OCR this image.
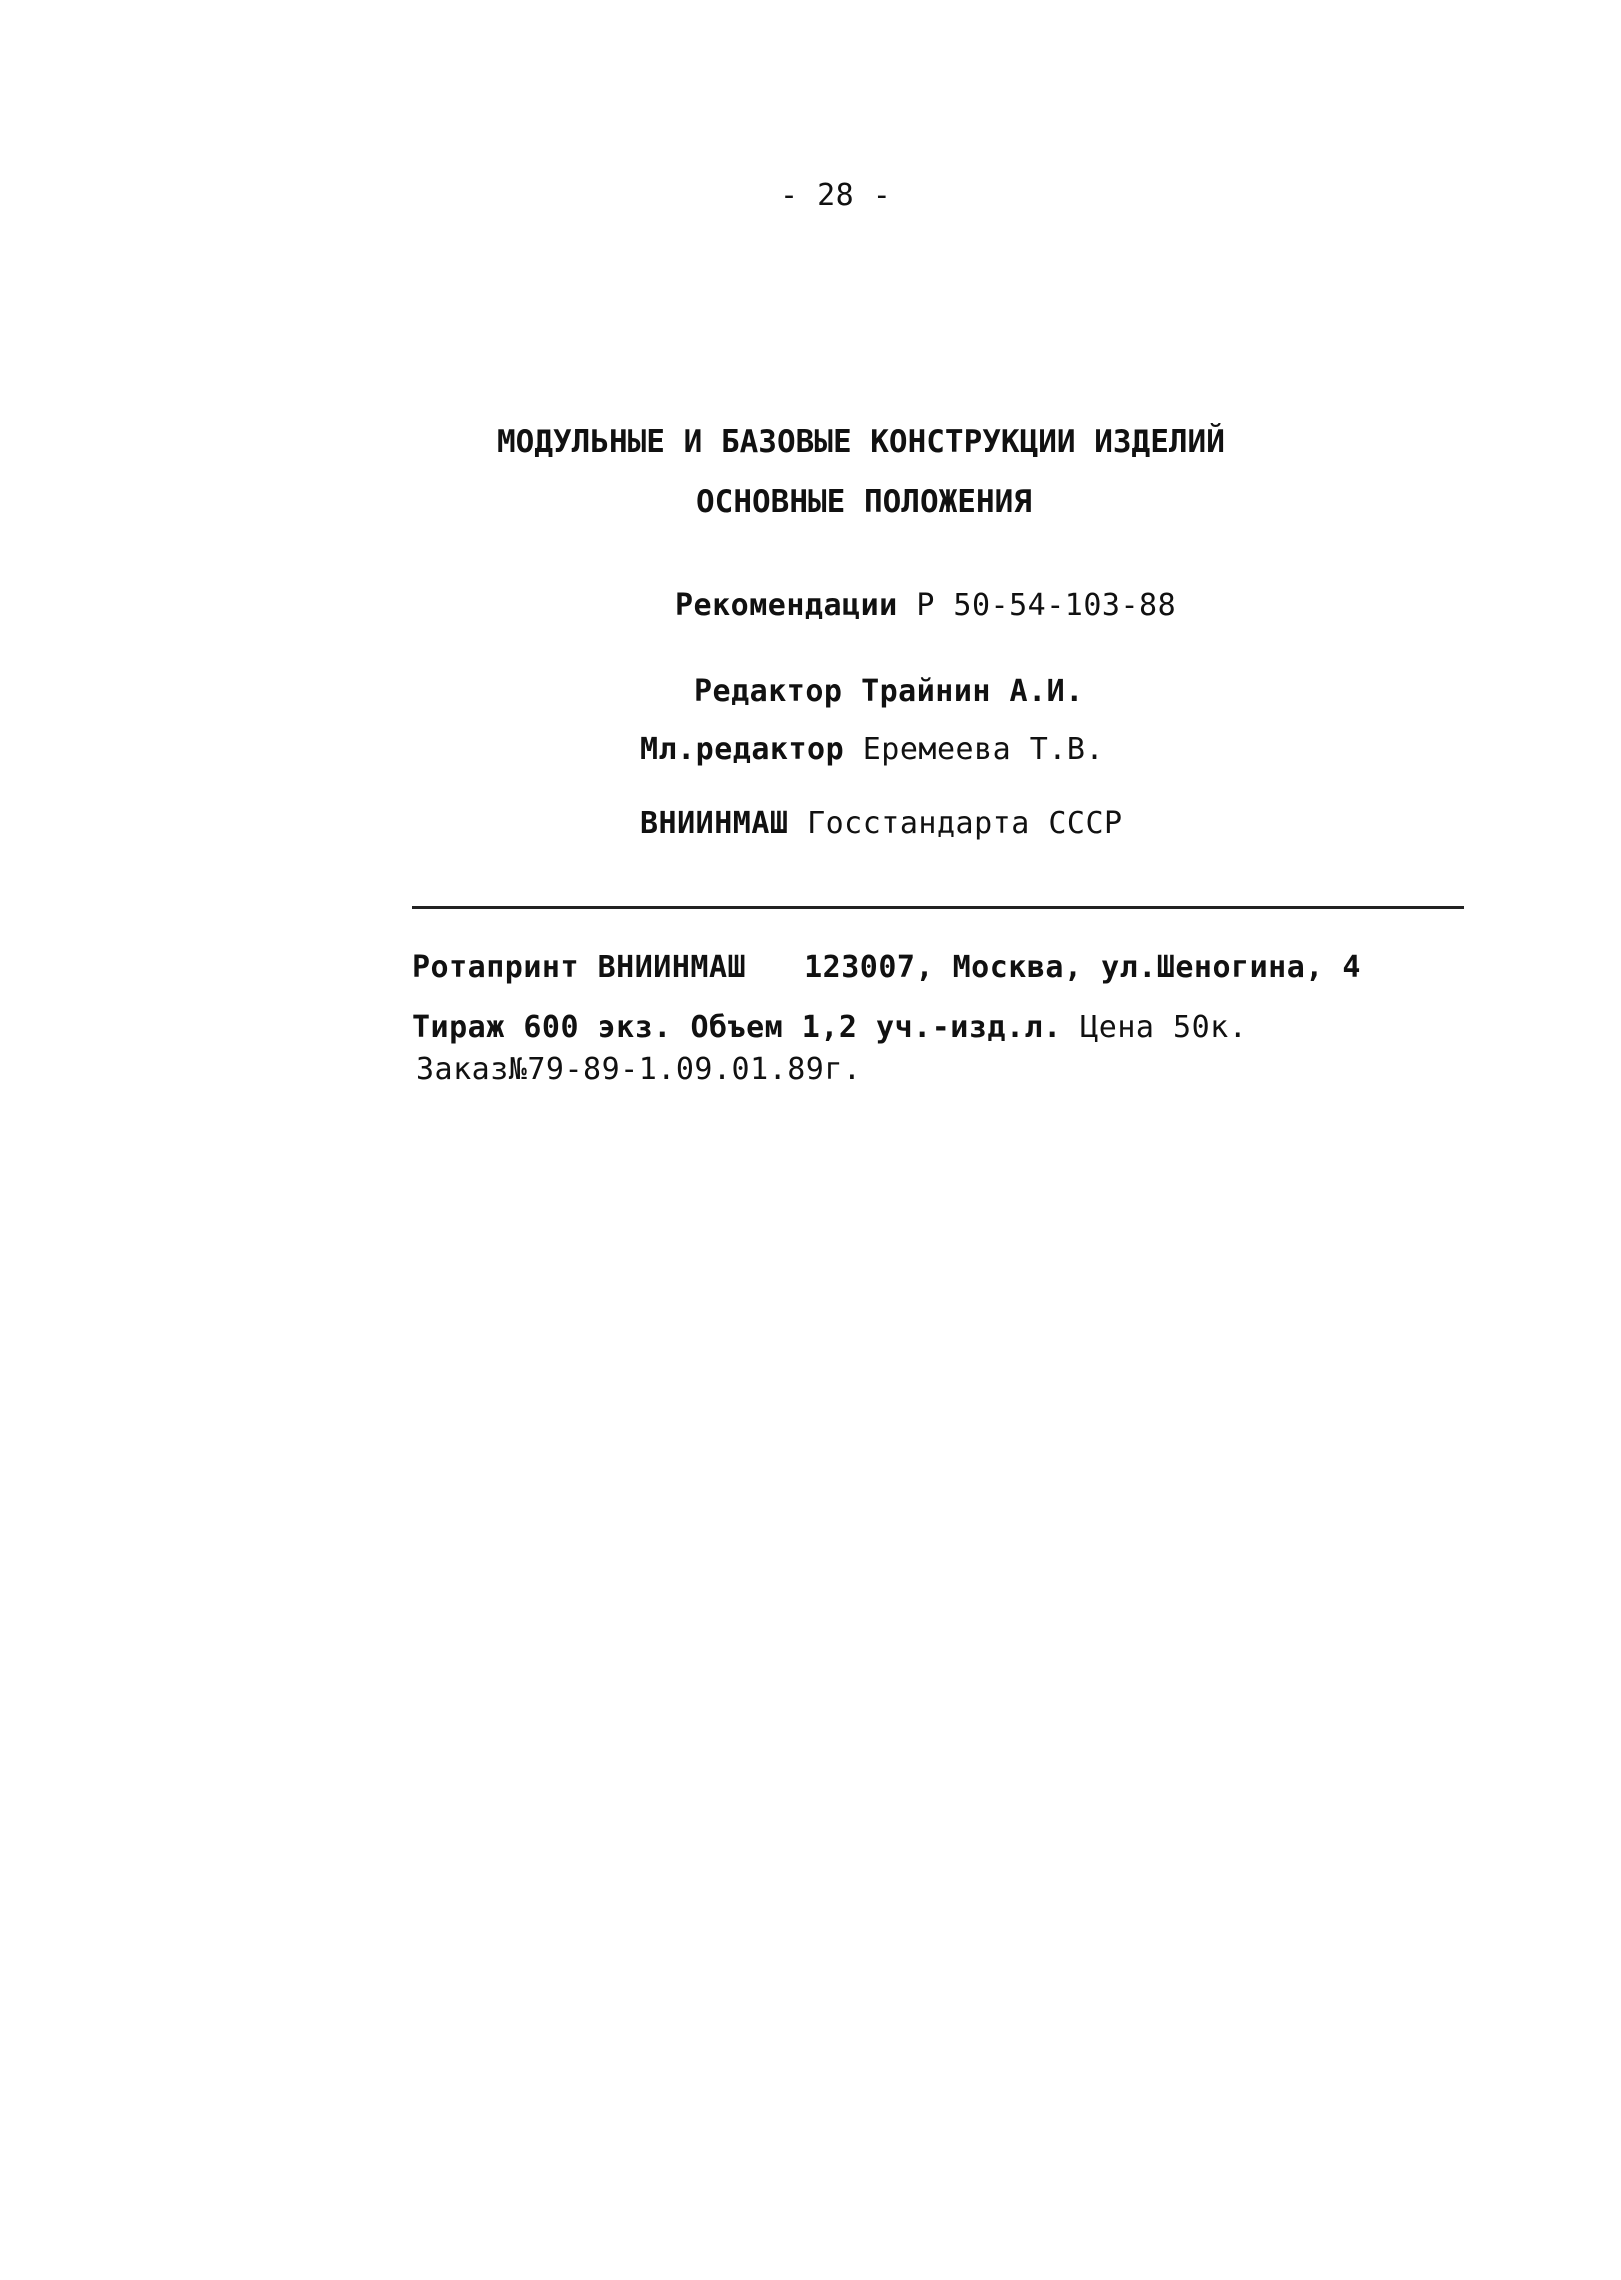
- 28 -
МОДУЛЬНЫЕ И БАЗОВЫЕ КОНСТРУКЦИИ ИЗДЕЛИЙ
ОСНОВНЫЕ ПОЛОЖЕНИЯ
Рекомендации Р 50-54-103-88
Редактор Трайнин А.И.
Мл.редактор Еремеева Т.В.
ВНИИНМАШ Госстандарта СССР
Ротапринт ВНИИНМАШ 123007, Москва, ул.Шеногина, 4
Тираж 600 экз. Объем 1,2 уч.-изд.л. Цена 50к.
Заказ№79-89-1.09.01.89г.
